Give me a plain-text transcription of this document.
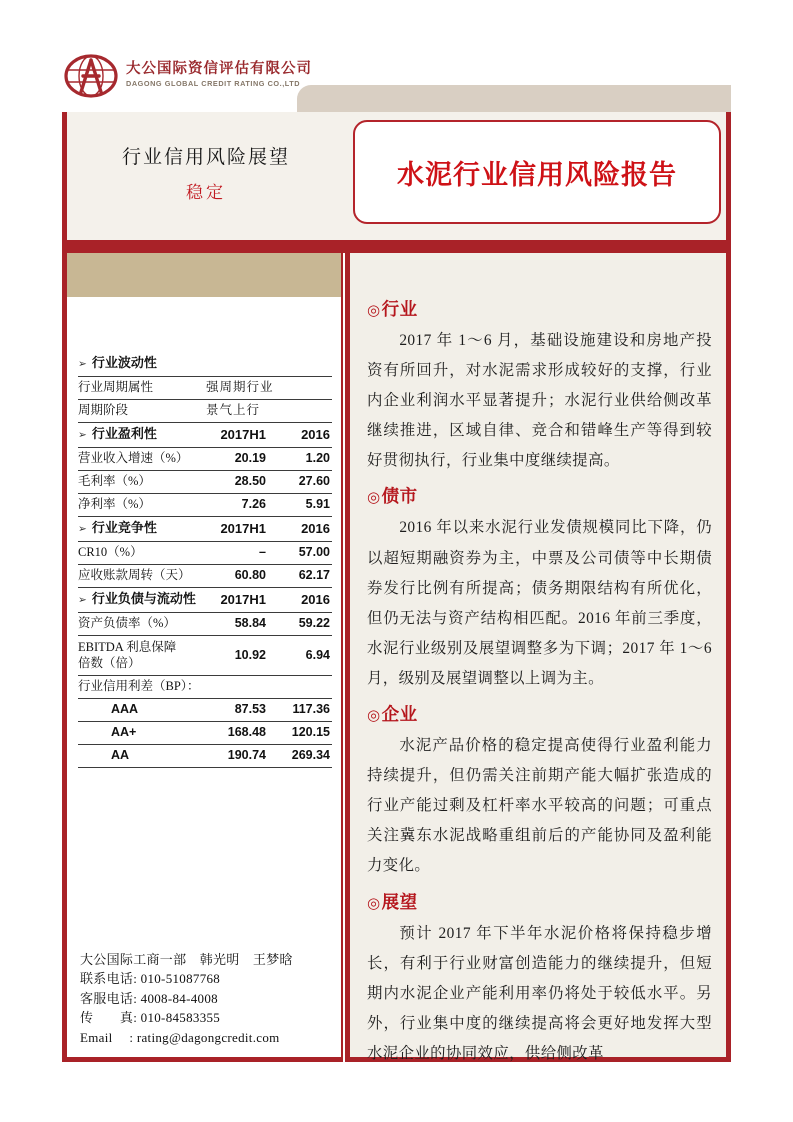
大公国际资信评估有限公司
DAGONG GLOBAL CREDIT RATING CO.,LTD
行业信用风险展望
稳定
水泥行业信用风险报告
➢ 行业波动性		
行业周期属性	强周期行业	
周期阶段	景气上行	
➢ 行业盈利性	2017H1	2016
营业收入增速（%）	20.19	1.20
毛利率（%）	28.50	27.60
净利率（%）	7.26	5.91
➢ 行业竞争性	2017H1	2016
CR10（%）	–	57.00
应收账款周转（天）	60.80	62.17
➢ 行业负债与流动性	2017H1	2016
资产负债率（%）	58.84	59.22
EBITDA 利息保障
倍数（倍）	10.92	6.94
行业信用利差（BP）：		
AAA	87.53	117.36
AA+	168.48	120.15
AA	190.74	269.34
大公国际工商一部　韩光明　王梦晗
联系电话: 010-51087768
客服电话: 4008-84-4008
传　　真: 010-84583355
Email　 : rating@dagongcredit.com
◎行业

2017 年 1～6 月，基础设施建设和房地产投资有所回升，对水泥需求形成较好的支撑，行业内企业利润水平显著提升；水泥行业供给侧改革继续推进，区域自律、竞合和错峰生产等得到较好贯彻执行，行业集中度继续提高。

◎债市

2016 年以来水泥行业发债规模同比下降，仍以超短期融资券为主，中票及公司债等中长期债券发行比例有所提高；债务期限结构有所优化，但仍无法与资产结构相匹配。2016 年前三季度，水泥行业级别及展望调整多为下调；2017 年 1～6 月，级别及展望调整以上调为主。

◎企业

水泥产品价格的稳定提高使得行业盈利能力持续提升，但仍需关注前期产能大幅扩张造成的行业产能过剩及杠杆率水平较高的问题；可重点关注冀东水泥战略重组前后的产能协同及盈利能力变化。

◎展望

预计 2017 年下半年水泥价格将保持稳步增长，有利于行业财富创造能力的继续提升，但短期内水泥企业产能利用率仍将处于较低水平。另外，行业集中度的继续提高将会更好地发挥大型水泥企业的协同效应，供给侧改革
